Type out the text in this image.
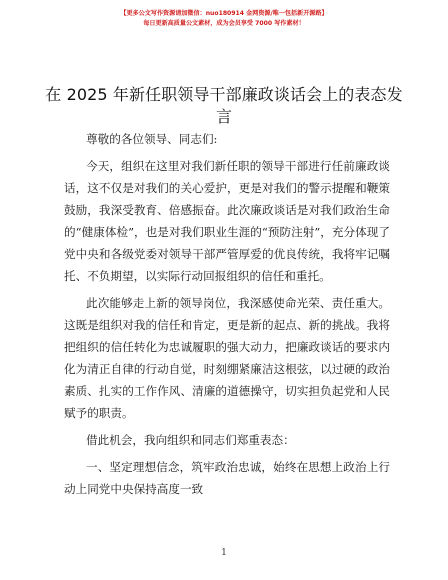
【更多公文写作资源请加微信：nuo180914 金网资源/唯一包括新开源路】
每日更新高质量公文素材，成为会员享受 7000 写作素材！
在 2025 年新任职领导干部廉政谈话会上的表态发言

尊敬的各位领导、同志们:

今天，组织在这里对我们新任职的领导干部进行任前廉政谈话，这不仅是对我们的关心爱护，更是对我们的警示提醒和鞭策鼓励，我深受教育、倍感振奋。此次廉政谈话是对我们政治生命的“健康体检”，也是对我们职业生涯的“预防注射”，充分体现了党中央和各级党委对领导干部严管厚爱的优良传统，我将牢记嘱托、不负期望，以实际行动回报组织的信任和重托。

此次能够走上新的领导岗位，我深感使命光荣、责任重大。这既是组织对我的信任和肯定，更是新的起点、新的挑战。我将把组织的信任转化为忠诚履职的强大动力，把廉政谈话的要求内化为清正自律的行动自觉，时刻绷紧廉洁这根弦，以过硬的政治素质、扎实的工作作风、清廉的道德操守，切实担负起党和人民赋予的职责。

借此机会，我向组织和同志们郑重表态：

一、坚定理想信念，筑牢政治忠诚，始终在思想上政治上行动上同党中央保持高度一致

1
